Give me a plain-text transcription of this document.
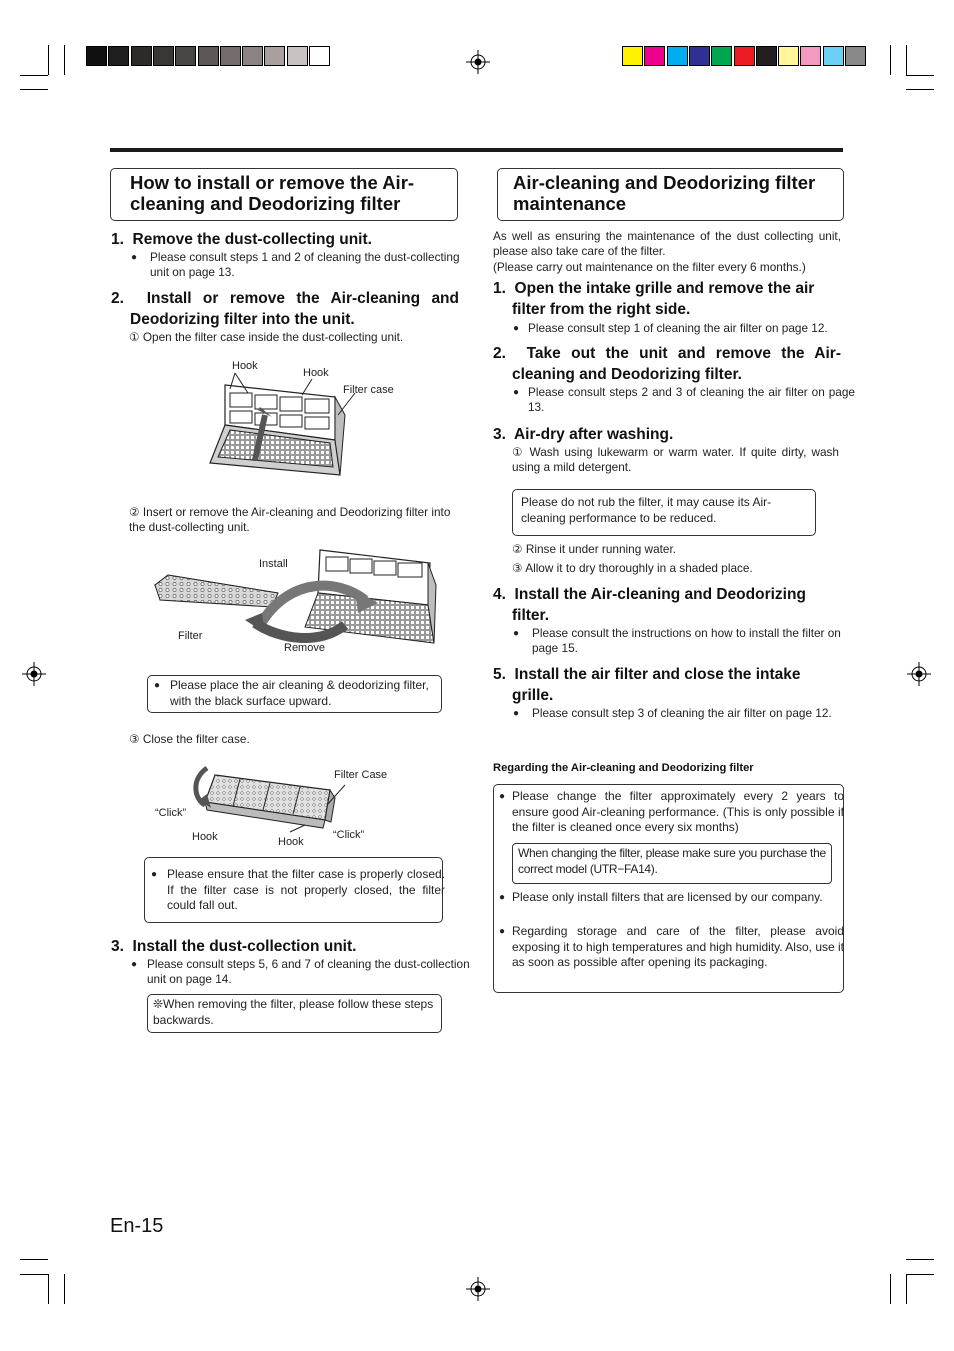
How to install or remove the Air-
cleaning and Deodorizing filter
1.  Remove the dust-collecting unit.
● Please consult steps 1 and 2 of cleaning the dust-collecting unit on page 13.
2.  Install or remove the Air-cleaning and
Deodorizing filter into the unit.
① Open the filter case inside the dust-collecting unit.
Hook
Hook
Filter case
② Insert or remove the Air-cleaning and Deodorizing filter into the dust-collecting unit.
Install
Filter
Remove
● Please place the air cleaning & deodorizing filter, with the black surface upward.
③ Close the filter case.
Filter Case
“Click”
“Click”
Hook	Hook
● Please ensure that the filter case is properly closed. If the filter case is not properly closed, the filter could fall out.
3.  Install the dust-collection unit.
● Please consult steps 5, 6 and 7 of cleaning the dust-collection unit on page 14.
❊When removing the filter, please follow these steps backwards.
Air-cleaning and Deodorizing filter
maintenance
As well as ensuring the maintenance of the dust collecting unit, please also take care of the filter.
(Please carry out maintenance on the filter every 6 months.)
1.  Open the intake grille and remove the air
filter from the right side.
● Please consult step 1 of cleaning the air filter on page 12.
2.  Take out the unit and remove the Air-
cleaning and Deodorizing filter.
● Please consult steps 2 and 3 of cleaning the air filter on page 13.
3.  Air-dry after washing.
① Wash using lukewarm or warm water. If quite dirty, wash using a mild detergent.
Please do not rub the filter, it may cause its Air-cleaning performance to be reduced.
② Rinse it under running water.
③ Allow it to dry thoroughly in a shaded place.
4.  Install the Air-cleaning and Deodorizing
filter.
● Please consult the instructions on how to install the filter on page 15.
5.  Install the air filter and close the intake
grille.
● Please consult step 3 of cleaning the air filter on page 12.
Regarding the Air-cleaning and Deodorizing filter
● Please change the filter approximately every 2 years to ensure good Air-cleaning performance. (This is only possible if the filter is cleaned once every six months)
When changing the filter, please make sure you purchase the correct model (UTR−FA14).
● Please only install filters that are licensed by our company.
● Regarding storage and care of the filter, please avoid exposing it to high temperatures and high humidity. Also, use it as soon as possible after opening its packaging.
En-15
